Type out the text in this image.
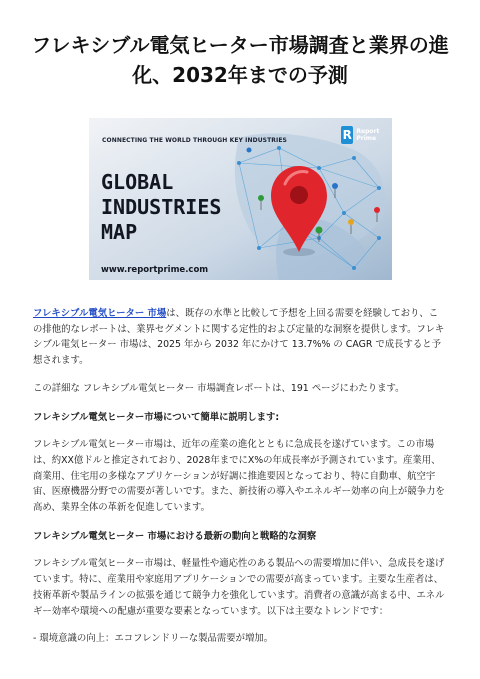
フレキシブル電気ヒーター市場調査と業界の進化、2032年までの予測
CONNECTING THE WORLD THROUGH KEY INDUSTRIES
GLOBAL INDUSTRIES MAP
www.reportprime.com
R Report Prime

フレキシブル電気ヒーター 市場は、既存の水準と比較して予想を上回る需要を経験しており、この排他的なレポートは、業界セグメントに関する定性的および定量的な洞察を提供します。フレキシブル電気ヒーター 市場は、2025 年から 2032 年にかけて 13.7%% の CAGR で成長すると予想されます。

この詳細な フレキシブル電気ヒーター 市場調査レポートは、191 ページにわたります。

フレキシブル電気ヒーター市場について簡単に説明します:

フレキシブル電気ヒーター市場は、近年の産業の進化とともに急成長を遂げています。この市場は、約XX億ドルと推定されており、2028年までにX%の年成長率が予測されています。産業用、商業用、住宅用の多様なアプリケーションが好調に推進要因となっており、特に自動車、航空宇宙、医療機器分野での需要が著しいです。また、新技術の導入やエネルギー効率の向上が競争力を高め、業界全体の革新を促進しています。

フレキシブル電気ヒーター 市場における最新の動向と戦略的な洞察

フレキシブル電気ヒーター市場は、軽量性や適応性のある製品への需要増加に伴い、急成長を遂げています。特に、産業用や家庭用アプリケーションでの需要が高まっています。主要な生産者は、技術革新や製品ラインの拡張を通じて競争力を強化しています。消費者の意識が高まる中、エネルギー効率や環境への配慮が重要な要素となっています。以下は主要なトレンドです：

- 環境意識の向上：エコフレンドリーな製品需要が増加。
